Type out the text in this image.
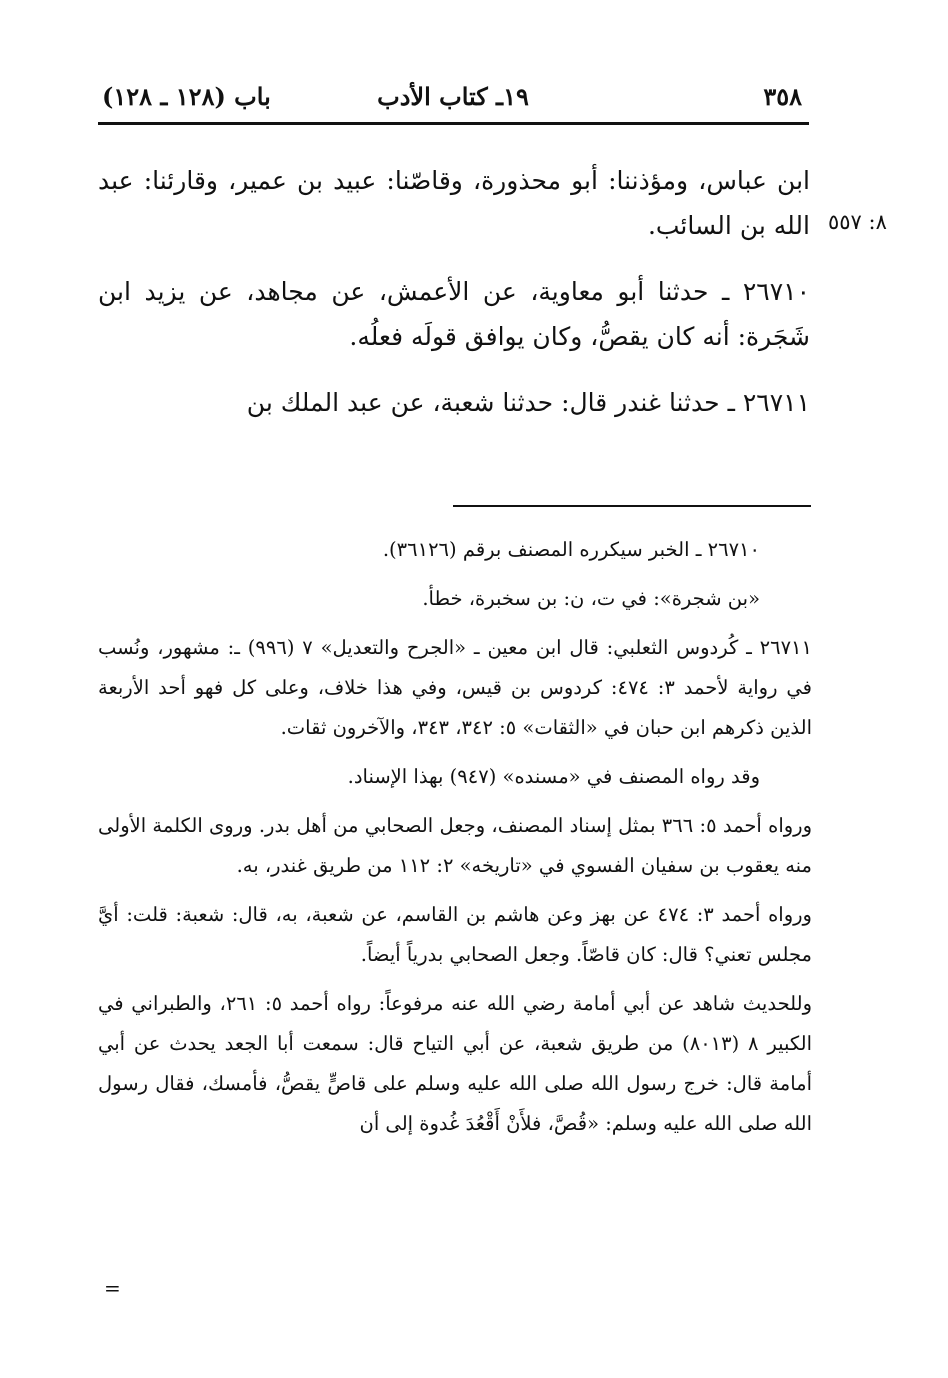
٣٥٨
١٩ـ كتاب الأدب
باب (١٢٨ ـ ١٢٨)
٨: ٥٥٧

ابن عباس، ومؤذننا: أبو محذورة، وقاصّنا: عبيد بن عمير، وقارئنا: عبد الله بن السائب.

٢٦٧١٠ ـ حدثنا أبو معاوية، عن الأعمش، عن مجاهد، عن يزيد ابن شَجَرة: أنه كان يقصُّ، وكان يوافق قولَه فعلُه.

٢٦٧١١ ـ حدثنا غندر قال: حدثنا شعبة، عن عبد الملك بن

٢٦٧١٠ ـ الخبر سيكرره المصنف برقم (٣٦١٢٦).

«بن شجرة»: في ت، ن: بن سخبرة، خطأ.

٢٦٧١١ ـ كُردوس الثعلبي: قال ابن معين ـ «الجرح والتعديل» ٧ (٩٩٦) ـ: مشهور، ونُسب في رواية لأحمد ٣: ٤٧٤: كردوس بن قيس، وفي هذا خلاف، وعلى كل فهو أحد الأربعة الذين ذكرهم ابن حبان في «الثقات» ٥: ٣٤٢، ٣٤٣، والآخرون ثقات.

وقد رواه المصنف في «مسنده» (٩٤٧) بهذا الإسناد.

ورواه أحمد ٥: ٣٦٦ بمثل إسناد المصنف، وجعل الصحابي من أهل بدر. وروى الكلمة الأولى منه يعقوب بن سفيان الفسوي في «تاريخه» ٢: ١١٢ من طريق غندر، به.

ورواه أحمد ٣: ٤٧٤ عن بهز وعن هاشم بن القاسم، عن شعبة، به، قال: شعبة: قلت: أيَّ مجلس تعني؟ قال: كان قاصّاً. وجعل الصحابي بدرياً أيضاً.

وللحديث شاهد عن أبي أمامة رضي الله عنه مرفوعاً: رواه أحمد ٥: ٢٦١، والطبراني في الكبير ٨ (٨٠١٣) من طريق شعبة، عن أبي التياح قال: سمعت أبا الجعد يحدث عن أبي أمامة قال: خرج رسول الله صلى الله عليه وسلم على قاصٍّ يقصُّ، فأمسك، فقال رسول الله صلى الله عليه وسلم: «قُصَّ، فلأَنْ أَقْعُدَ غُدوة إلى أن

=
